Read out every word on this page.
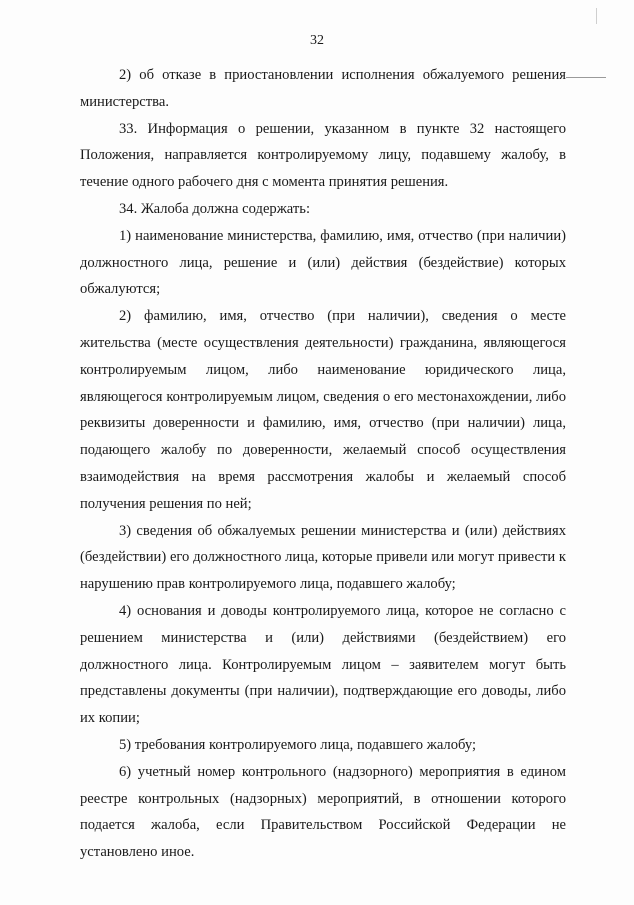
32

2) об отказе в приостановлении исполнения обжалуемого решения министерства.

33. Информация о решении, указанном в пункте 32 настоящего Положения, направляется контролируемому лицу, подавшему жалобу, в течение одного рабочего дня с момента принятия решения.

34. Жалоба должна содержать:

1) наименование министерства, фамилию, имя, отчество (при наличии) должностного лица, решение и (или) действия (бездействие) которых обжалуются;

2) фамилию, имя, отчество (при наличии), сведения о месте жительства (месте осуществления деятельности) гражданина, являющегося контролируемым лицом, либо наименование юридического лица, являющегося контролируемым лицом, сведения о его местонахождении, либо реквизиты доверенности и фамилию, имя, отчество (при наличии) лица, подающего жалобу по доверенности, желаемый способ осуществления взаимодействия на время рассмотрения жалобы и желаемый способ получения решения по ней;

3) сведения об обжалуемых решении министерства и (или) действиях (бездействии) его должностного лица, которые привели или могут привести к нарушению прав контролируемого лица, подавшего жалобу;

4) основания и доводы контролируемого лица, которое не согласно с решением министерства и (или) действиями (бездействием) его должностного лица. Контролируемым лицом – заявителем могут быть представлены документы (при наличии), подтверждающие его доводы, либо их копии;

5) требования контролируемого лица, подавшего жалобу;

6) учетный номер контрольного (надзорного) мероприятия в едином реестре контрольных (надзорных) мероприятий, в отношении которого подается жалоба, если Правительством Российской Федерации не установлено иное.
